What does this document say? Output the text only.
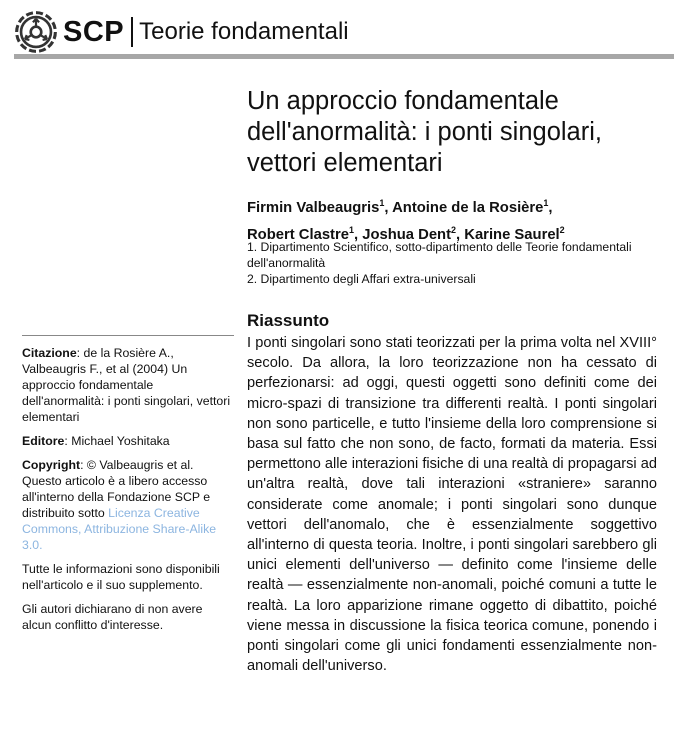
SCP Teorie fondamentali
Un approccio fondamentale dell'anormalità: i ponti singolari, vettori elementari
Firmin Valbeaugris$^1$, Antoine de la Rosière$^1$,
Robert Clastre$^1$, Joshua Dent$^2$, Karine Saurel$^2$
1. Dipartimento Scientifico, sotto-dipartimento delle Teorie fondamentali dell'anormalità
2. Dipartimento degli Affari extra-universali
Riassunto

I ponti singolari sono stati teorizzati per la prima volta nel XVIII° secolo. Da allora, la loro teorizzazione non ha cessato di perfezionarsi: ad oggi, questi oggetti sono definiti come dei micro-spazi di transizione tra differenti realtà. I ponti singolari non sono particelle, e tutto l'insieme della loro comprensione si basa sul fatto che non sono, de facto, formati da materia. Essi permettono alle interazioni fisiche di una realtà di propagarsi ad un'altra realtà, dove tali interazioni «straniere» saranno considerate come anomale; i ponti singolari sono dunque vettori dell'anomalo, che è essenzialmente soggettivo all'interno di questa teoria. Inoltre, i ponti singolari sarebbero gli unici elementi dell'universo — definito come l'insieme delle realtà — essenzialmente non-anomali, poiché comuni a tutte le realtà. La loro apparizione rimane oggetto di dibattito, poiché viene messa in discussione la fisica teorica comune, ponendo i ponti singolari come gli unici fondamenti essenzialmente non-anomali dell'universo.

Citazione: de la Rosière A., Valbeaugris F., et al (2004) Un approccio fondamentale dell'anormalità: i ponti singolari, vettori elementari

Editore: Michael Yoshitaka

Copyright: © Valbeaugris et al. Questo articolo è a libero accesso all'interno della Fondazione SCP e distribuito sotto Licenza Creative Commons, Attribuzione Share-Alike 3.0.

Tutte le informazioni sono disponibili nell'articolo e il suo supplemento.

Gli autori dichiarano di non avere alcun conflitto d'interesse.
